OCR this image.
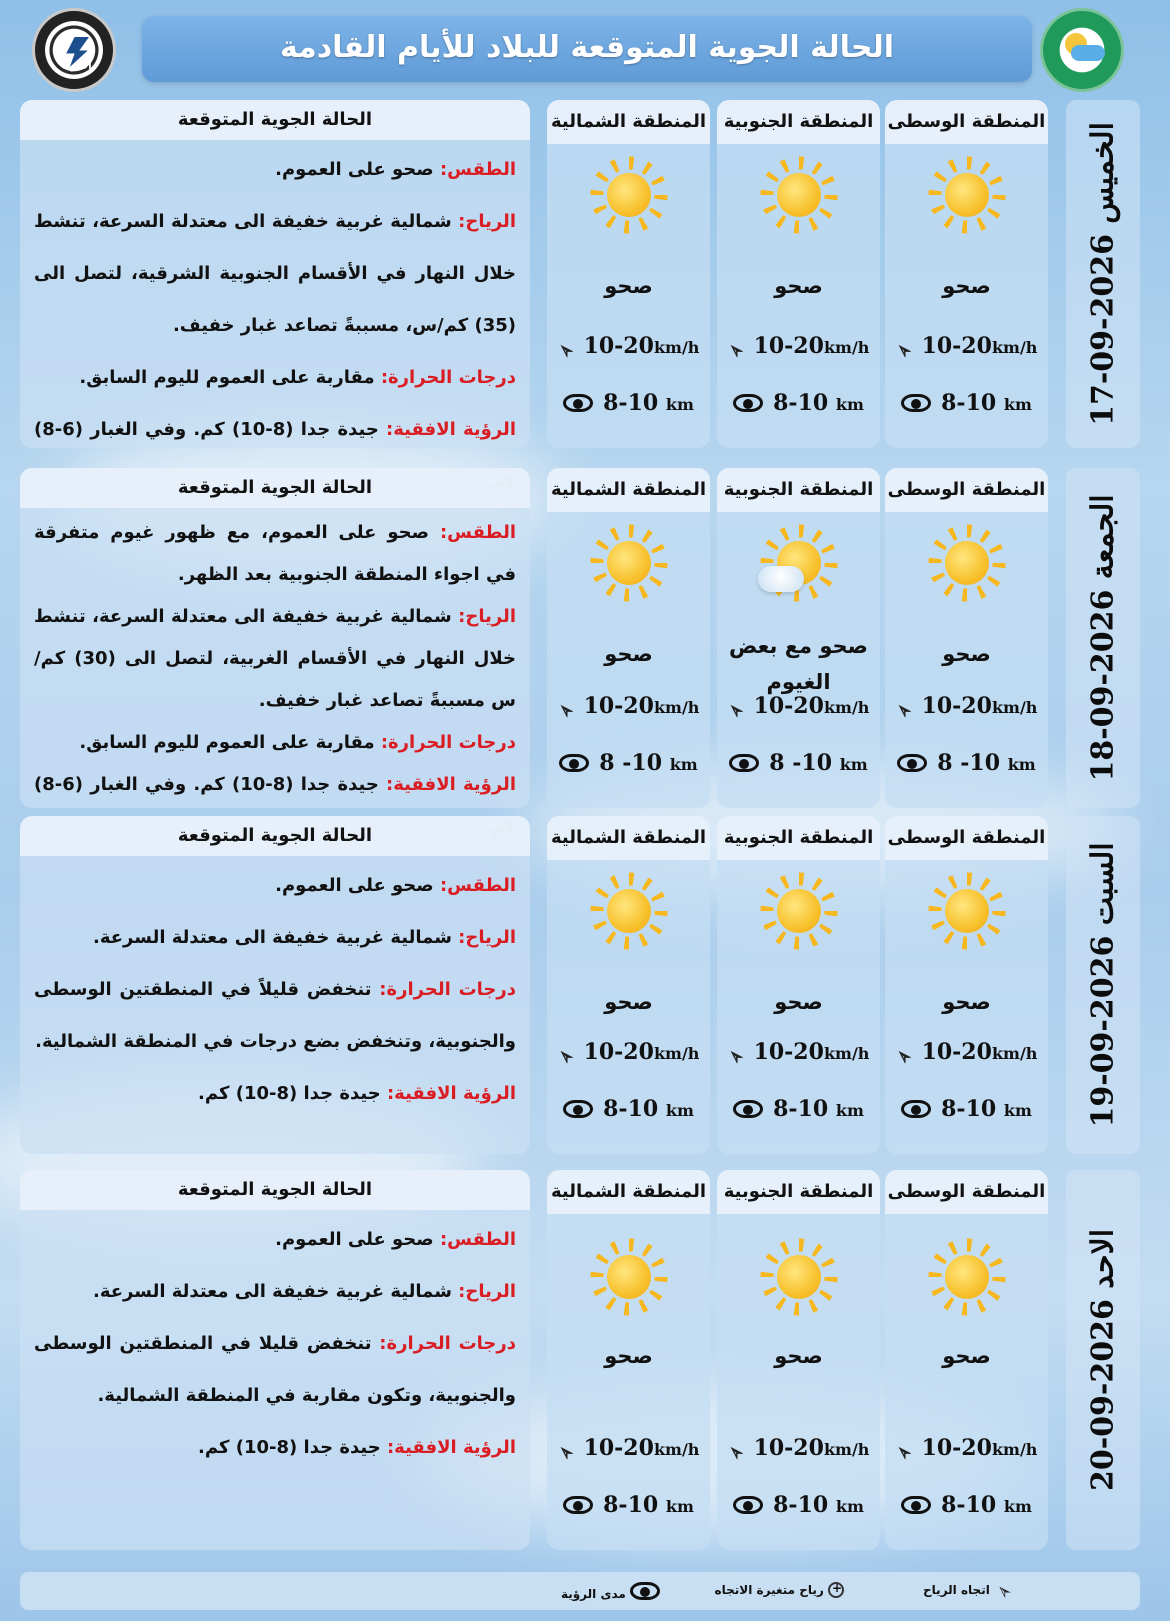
الأنواء
الحالة الجوية المتوقعة للبلاد للأيام القادمة
الخميس 2026-09-17
المنطقة الوسطى
صحو
➢10-20km/h
8-10 km
المنطقة الجنوبية
صحو
➢10-20km/h
8-10 km
المنطقة الشمالية
صحو
➢10-20km/h
8-10 km
الحالة الجوية المتوقعة

الطقس: صحو على العموم.

الرياح: شمالية غربية خفيفة الى معتدلة السرعة، تنشط خلال النهار في الأقسام الجنوبية الشرقية، لتصل الى (35) كم/س، مسببةً تصاعد غبار خفيف.

درجات الحرارة: مقاربة على العموم لليوم السابق.

الرؤية الافقية: جيدة جدا (8-10) كم. وفي الغبار (6-8)

الجمعة 2026-09-18
المنطقة الوسطى
صحو
➢10-20km/h
8 -10 km
المنطقة الجنوبية
صحو مع بعض الغيوم
➢10-20km/h
8 -10 km
المنطقة الشمالية
صحو
➢10-20km/h
8 -10 km
الحالة الجوية المتوقعة

الطقس: صحو على العموم، مع ظهور غيوم متفرقة في اجواء المنطقة الجنوبية بعد الظهر.

الرياح: شمالية غربية خفيفة الى معتدلة السرعة، تنشط خلال النهار في الأقسام الغربية، لتصل الى (30) كم/س مسببةً تصاعد غبار خفيف.

درجات الحرارة: مقاربة على العموم لليوم السابق.

الرؤية الافقية: جيدة جدا (8-10) كم. وفي الغبار (6-8)

السبت 2026-09-19
المنطقة الوسطى
صحو
➢10-20km/h
8-10 km
المنطقة الجنوبية
صحو
➢10-20km/h
8-10 km
المنطقة الشمالية
صحو
➢10-20km/h
8-10 km
الحالة الجوية المتوقعة

الطقس: صحو على العموم.

الرياح: شمالية غربية خفيفة الى معتدلة السرعة.

درجات الحرارة: تنخفض قليلاً في المنطقتين الوسطى والجنوبية، وتنخفض بضع درجات في المنطقة الشمالية.

الرؤية الافقية: جيدة جدا (8-10) كم.

الاحد 2026-09-20
المنطقة الوسطى
صحو
➢10-20km/h
8-10 km
المنطقة الجنوبية
صحو
➢10-20km/h
8-10 km
المنطقة الشمالية
صحو
➢10-20km/h
8-10 km
الحالة الجوية المتوقعة

الطقس: صحو على العموم.

الرياح: شمالية غربية خفيفة الى معتدلة السرعة.

درجات الحرارة: تنخفض قليلا في المنطقتين الوسطى والجنوبية، وتكون مقاربة في المنطقة الشمالية.

الرؤية الافقية: جيدة جدا (8-10) كم.

➢ اتجاه الرياح
+ رياح متغيرة الاتجاه
مدى الرؤية
